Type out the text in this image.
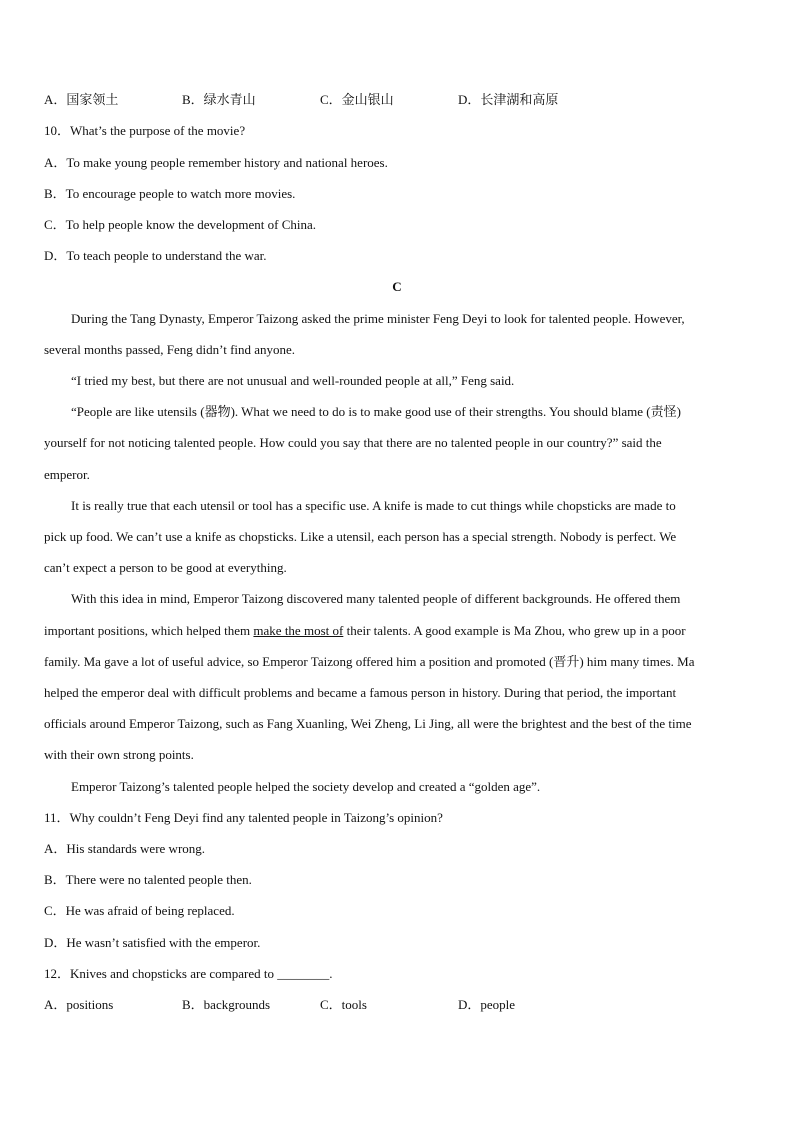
A．国家领土	B．绿水青山	C．金山银山	D．长津湖和高原
10．What’s the purpose of the movie?
A．To make young people remember history and national heroes.
B．To encourage people to watch more movies.
C．To help people know the development of China.
D．To teach people to understand the war.
C
During the Tang Dynasty, Emperor Taizong asked the prime minister Feng Deyi to look for talented people. However,
several months passed, Feng didn’t find anyone.
“I tried my best, but there are not unusual and well-rounded people at all,” Feng said.
“People are like utensils (器物). What we need to do is to make good use of their strengths. You should blame (责怪)
yourself for not noticing talented people. How could you say that there are no talented people in our country?” said the
emperor.
It is really true that each utensil or tool has a specific use. A knife is made to cut things while chopsticks are made to
pick up food. We can’t use a knife as chopsticks. Like a utensil, each person has a special strength. Nobody is perfect. We
can’t expect a person to be good at everything.
With this idea in mind, Emperor Taizong discovered many talented people of different backgrounds. He offered them
important positions, which helped them make the most of their talents. A good example is Ma Zhou, who grew up in a poor
family. Ma gave a lot of useful advice, so Emperor Taizong offered him a position and promoted (晋升) him many times. Ma
helped the emperor deal with difficult problems and became a famous person in history. During that period, the important
officials around Emperor Taizong, such as Fang Xuanling, Wei Zheng, Li Jing, all were the brightest and the best of the time
with their own strong points.
Emperor Taizong’s talented people helped the society develop and created a “golden age”.
11．Why couldn’t Feng Deyi find any talented people in Taizong’s opinion?
A．His standards were wrong.
B．There were no talented people then.
C．He was afraid of being replaced.
D．He wasn’t satisfied with the emperor.
12．Knives and chopsticks are compared to ________.
A．positions	B．backgrounds	C．tools	D．people
